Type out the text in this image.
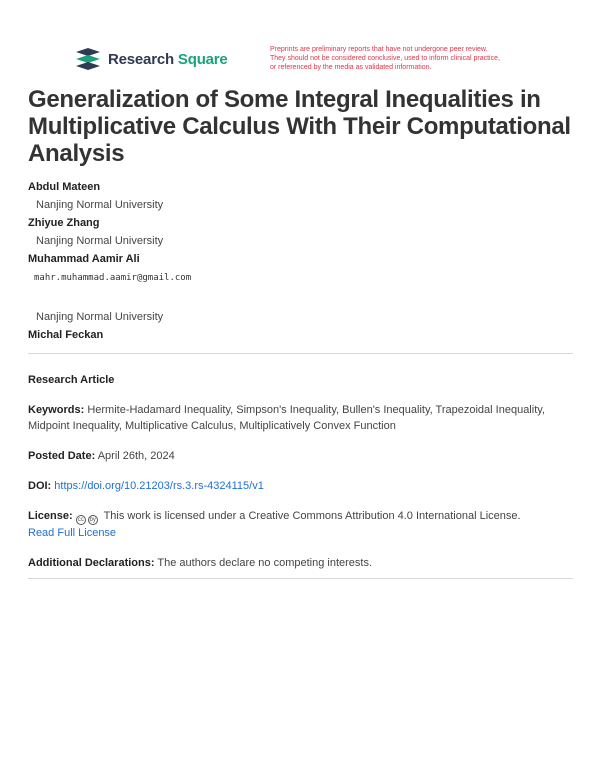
Research Square
Preprints are preliminary reports that have not undergone peer review.
They should not be considered conclusive, used to inform clinical practice,
or referenced by the media as validated information.
Generalization of Some Integral Inequalities in Multiplicative Calculus With Their Computational Analysis
Abdul Mateen
Nanjing Normal University
Zhiyue Zhang
Nanjing Normal University
Muhammad Aamir Ali
mahr.muhammad.aamir@gmail.com
Nanjing Normal University
Michal Feckan
Research Article
Keywords: Hermite-Hadamard Inequality, Simpson's Inequality, Bullen's Inequality, Trapezoidal Inequality, Midpoint Inequality, Multiplicative Calculus, Multiplicatively Convex Function
Posted Date: April 26th, 2024
DOI: https://doi.org/10.21203/rs.3.rs-4324115/v1
License: cc by This work is licensed under a Creative Commons Attribution 4.0 International License.
Read Full License
Additional Declarations: The authors declare no competing interests.
